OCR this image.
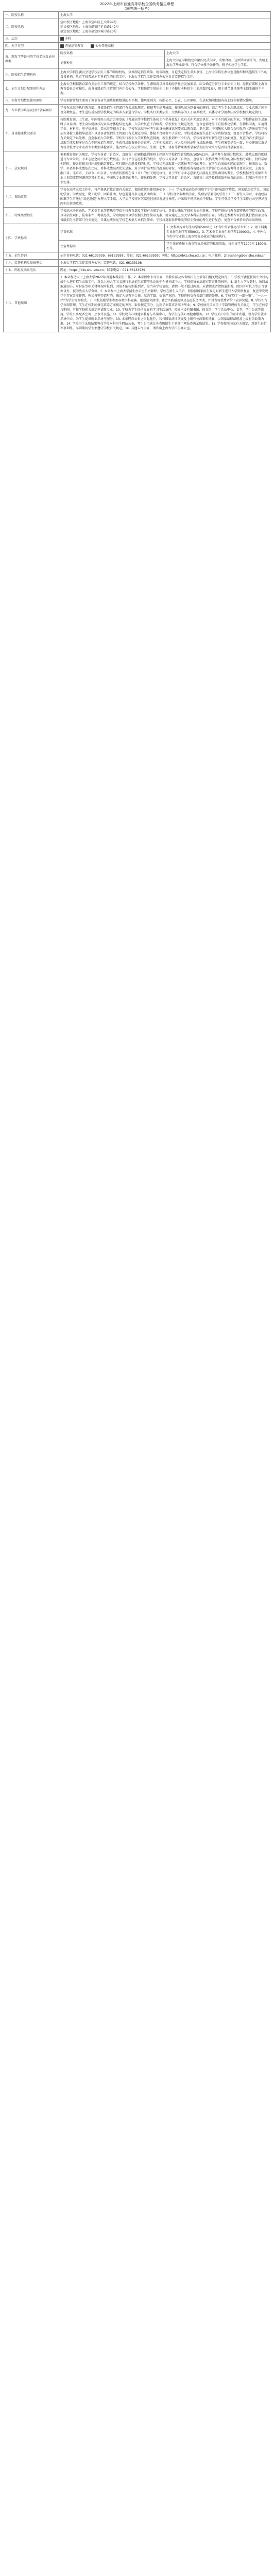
2022年上海市普通高等学校全国统考招生章程
（同等统一招考）
一、院校名称	上海大学	
二、院校代码	宝山校区地址：上海市宝山区上大路99号
延长校区地址：上海市静安区延长路149号
嘉定校区地址：上海市嘉定区城中路20号	

三、层次	本科	
四、办学类型	普通高等教育 公办普通高校	
五、颁发学历证书的学校名称及证书种类	院校名称	上海大学
	证书种类	上海大学在学籍规定年限内完成学业，成绩合格，达到毕业要求的，发给上海大学毕业证书；符合学位授予条件的，授予相应学士学位。
六、院校招生管理机构	上海大学招生委员会是学校招生工作的领导机构，负责制定招生政策、规章制度，讨论决定招生重大事宜。上海大学招生办公室是组织和实施招生工作的常设机构，负责学校普通本专科招生的日常工作。上海大学招生工作监督办公室负责监督招生工作。	
七、招生计划分配原则和办法	上海大学根据教育部有关招生工作的规定，结合学校办学条件、生源情况以及各地经济社会发展需求，综合确定分省分专业招生计划，经教育部和上海市教育委员会审核后，由各省级招生主管部门向社会公布。学校预留少量招生计划（不超过本科招生计划总数的1%），用于调节各地统考上线生源的不平衡。	
八、预留计划数及使用原则	学校预留计划主要用于调节各省生源质量和数量的不平衡，使用原则为：按照公平、公正、公开原则，在录取期间根据各省上线生源情况使用。	
九、专业教学培养及投档录取原则	学校在录取中执行教育部、各省级招生主管部门有关录取规定。根据考生高考成绩，按照从高分到低分的原则，结合考生专业志愿录取，专业志愿之间不设分数级差。考生进校后按照学校规定的培养方案进行学习。学校实行大类招生、大类培养的人才培养模式，具体专业分流办法按学校相关规定执行。	
十、身体健康状况要求	按照教育部、卫生部、中国残疾人联合会印发的《普通高等学校招生体检工作指导意见》及有关补充规定执行。对于不宜就读的专业，学校将在招生录取时予以说明。考生身体健康状况以高考体检结论为准，入学后复查不合格者，学校按有关规定处理。色盲色弱考生不宜报考化学类、生物科学类、环境科学类、材料类、电子信息类、美术类等相关专业。学校在录取中对考生的身体健康状况要求以教育部、卫生部、中国残疾人联合会印发的《普通高等学校招生体检工作指导意见》以及各省级招生主管部门有关规定为准，体检不合格者不予录取。学校对录取新生进行入学资格复查，复查不合格者，学校将按有关规定予以处理，直至取消入学资格。学校实行新生入学资格复查制度，新生报到后三个月内，学校将对所有新生进行全面复查，复查内容主要包括：录取手续及程序是否合乎国家招生规定；所获得录取资格是否真实、合乎相关规定；本人及身份证明与录取通知、考生档案等是否一致；身心健康状况是否符合报考专业或者专业类别体检要求，能否保证在校正常学习、生活；艺术、体育等特殊类型录取学生的专业水平是否符合录取要求。	
十一、录取规则	根据教育部有关规定，学校在各省（自治区、直辖市）的调档比例原则上控制在学校招生计划数的105%以内。进档考生按照分数优先、遵循志愿的原则进行专业录取。专业志愿之间不设分数级差。实行平行志愿投档的批次，学校认可各省（自治区、直辖市）投档成绩中所含的全国性加分项目，投档成绩相同时，按各省相关排序规则确定排位；实行顺序志愿投档的批次，学校优先录取第一志愿报考学校的考生。在考生总成绩相同的情况下，按照语文、数学、外语单科成绩依次比较，单科成绩高者优先录取。对于实行高考综合改革的省份，学校按照各省级招生主管部门公布的选考科目要求录取。上海市、浙江省、北京市、天津市、山东省、海南省按照所在省（市）的有关规定执行。对于所有专业志愿都无法满足且服从调剂的考生，学校根据考生成绩和专业计划完成情况调剂到其他专业；不服从专业调剂的考生，作退档处理。学校认可各省（自治区、直辖市）高考投档成绩中所含的加分，但加分不用于专业安排。	
十二、资助政策	学校在高考录取工作中，将严格执行教育部有关规定。资助政策具体措施如下：（一）学校对家庭经济困难学生实行国家助学贷款、国家励志奖学金、国家助学金、学费减免、勤工助学、困难补助、绿色通道等多元化资助政策；（二）学校设立多种奖学金，奖励品学兼优的学生；（三）新生入学时，家庭经济困难学生可通过“绿色通道”办理入学手续，入学后学校将对其家庭经济情况进行核实，并采取不同措施给予资助。学生可登录学校学生工作办公室网站查阅相关资助政策。	
十三、特殊类型招生	学校高水平运动队、艺术类专业等特殊类型招生按教育部及学校有关规定执行，具体办法见学校相关招生简章。学校严格执行教育部特殊类型招生政策，具体招生项目、报名条件、考核办法、录取规则等以学校相关招生简章为准，简章通过上海大学本科招生网站公布。学校艺术类专业招生执行教育部及各省级招生主管部门有关规定，具体办法参见学校艺术类专业招生简章。学校将对取得特殊类型招生资格的考生进行复查，复查不合格者取消录取资格。	
十四、学费标准	学费标准	1. 文科类专业每生每学年5000元（不含中外合作办学专业）；2. 理工科类专业每生每学年5500元；3. 艺术类专业每生每学年10000元；4. 中外合作办学专业按上海市物价局核定的标准执行。
	住宿费标准	学生住宿费按上海市物价局核定的标准收取，每生每学年1200元-1800元不等。
十五、招生咨询	招生咨询电话：021-66133939、66133938；传真：021-66133939；网址：https://bks.shu.edu.cn；电子邮箱：zhaosheng@oa.shu.edu.cn	
十六、监督机构及举报电话	上海大学招生工作监督办公室，监督电话：021-66133108	
十七、网址及联系电话	网址：https://bks.shu.edu.cn；联系电话：021-66133939	
十八、其他须知	1. 本章程适用于上海大学2022年普通本科招生工作。2. 本章程中未尽事宜，按教育部及各省级招生主管部门相关规定执行。3. 学校不委托任何中介机构或个人进行招生录取工作，对以上海大学名义进行非法招生宣传等活动的中介机构或个人，学校保留依法追究其责任的权利。4. 新生入学报到时，须持录取通知书、身份证等相关材料按时报到。因故不能按期报到者，应当向学校请假，请假一般不超过两周。未请假或者请假逾期者，除因不可抗力等正当事由以外，视为放弃入学资格。5. 本章程由上海大学招生办公室负责解释。学校在新生入学后，将按照国家招生规定对新生进行入学资格复查，复查中发现学生存在弄虚作假、徇私舞弊等情形的，确定为复查不合格，取消学籍；情节严重的，学校将移交有关部门调查处理。6. 学校实行“一部一策”、“一人一档”的学生管理模式。7. 学校鼓励学生参加各类学科竞赛、创新创业活动、社会实践活动以及志愿服务活动，并对表现优秀者给予表彰奖励。8. 学校实行学分制管理，学生在校期间修完培养方案规定的课程，取得规定学分，达到毕业要求者准予毕业。9. 学校执行国家关于学籍管理的有关规定，学生在校学习期间，可按学校相关规定申请转专业。10. 学校为学生提供良好的学习生活条件，校园内设有图书馆、体育馆、学生活动中心、食堂、学生公寓等设施，学生公寓配备空调、热水等设施。11. 学校设有心理健康教育与咨询中心，为学生提供心理健康服务。12. 学校关心学生的职业发展，设有学生就业指导中心，为学生提供就业指导与服务。13. 本章程自公布之日起施行，若与国家法律法规及上级有关政策相抵触，以国家法律法规及上级有关政策为准。14. 学校招生录取结果将在学校本科招生网站公布，考生也可通过各省级招生主管部门网站查询录取结果。15. 学校按照国家有关规定，对新生进行军事训练，军训期间学生须遵守学校有关规定。16. 其他未尽事宜，请咨询上海大学招生办公室。	
